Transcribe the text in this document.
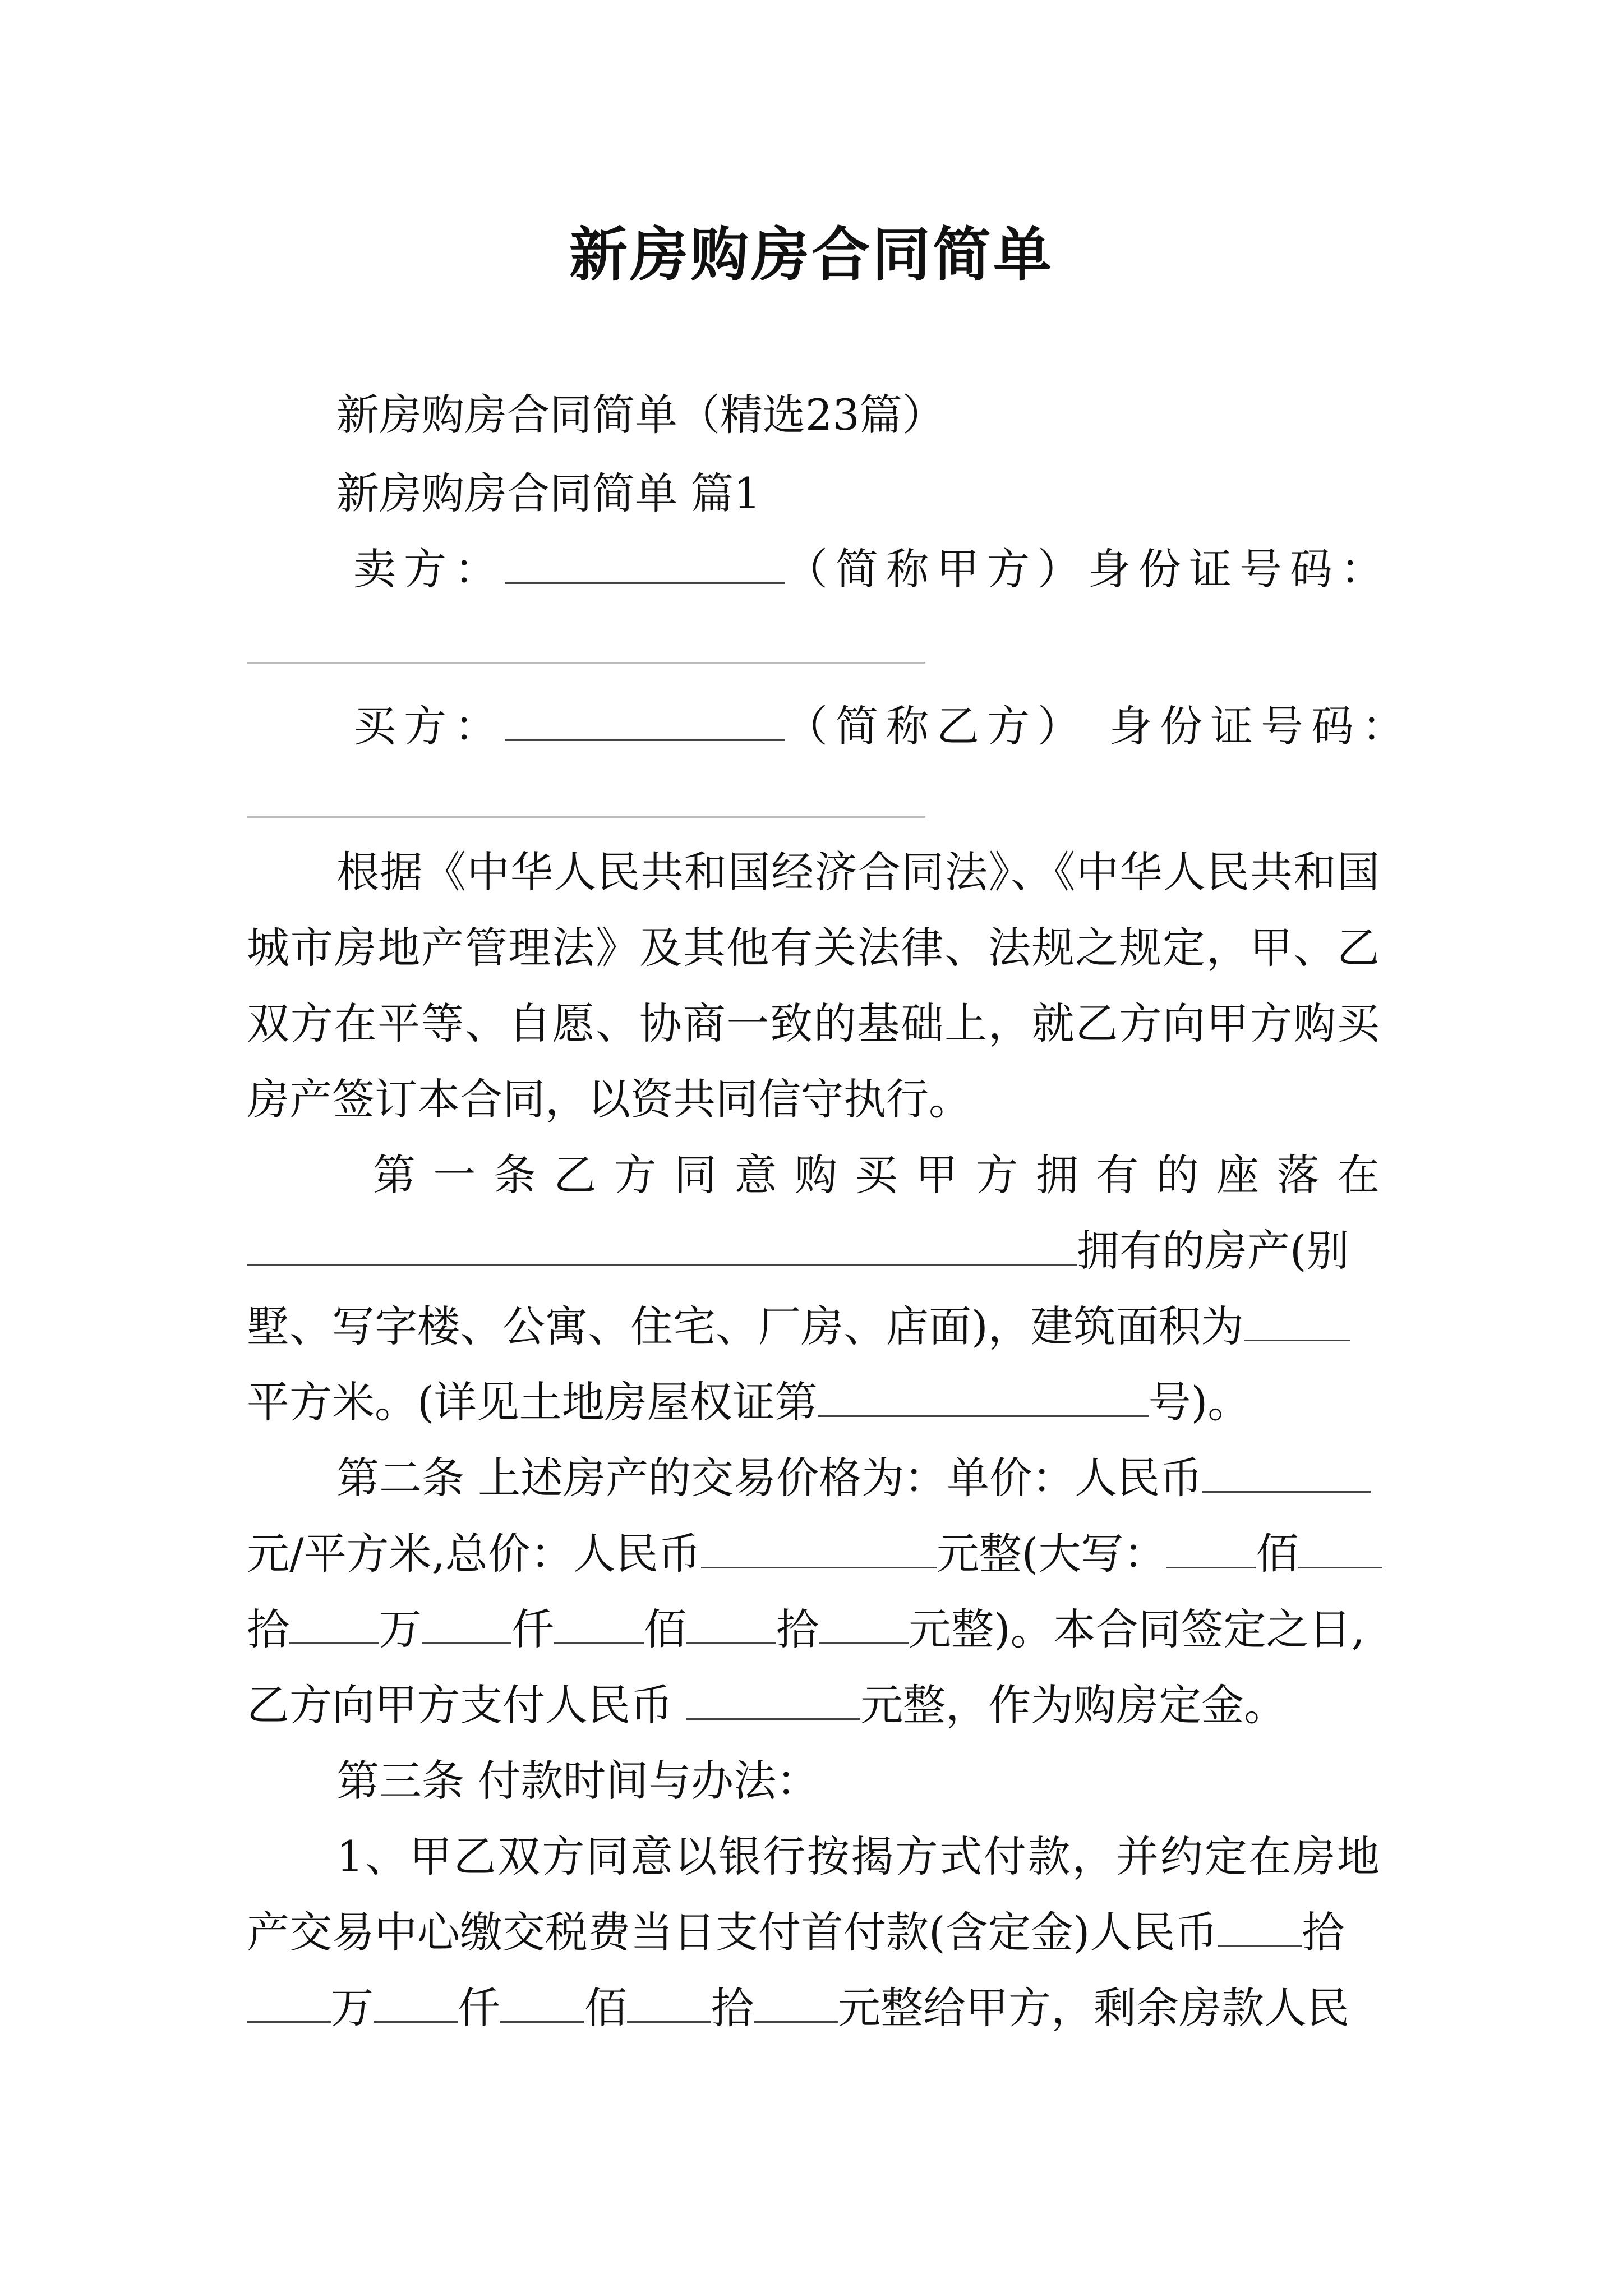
新房购房合同简单
新房购房合同简单（精选23篇）
新房购房合同简单 篇1
卖方：	（简称甲方）身份证号码：
买方：	（简称乙方） 身份证号码：
根据《中华人民共和国经济合同法》、《中华人民共和国
城市房地产管理法》及其他有关法律、法规之规定，甲、乙
双方在平等、自愿、协商一致的基础上，就乙方向甲方购买
房产签订本合同，以资共同信守执行。
第一条乙方同意购买甲方拥有的座落在
拥有的房产(别
墅、写字楼、公寓、住宅、厂房、店面)，建筑面积为
平方米。(详见土地房屋权证第	号)。
第二条 上述房产的交易价格为：单价：人民币
元/平方米,总价：人民币	元整(大写： 佰
拾 万 仟 佰 拾 元整)。本合同签定之日,
乙方向甲方支付人民币	元整，作为购房定金。
第三条 付款时间与办法：
1、甲乙双方同意以银行按揭方式付款，并约定在房地
产交易中心缴交税费当日支付首付款(含定金)人民币 拾
万 仟 佰 拾 元整给甲方，剩余房款人民
